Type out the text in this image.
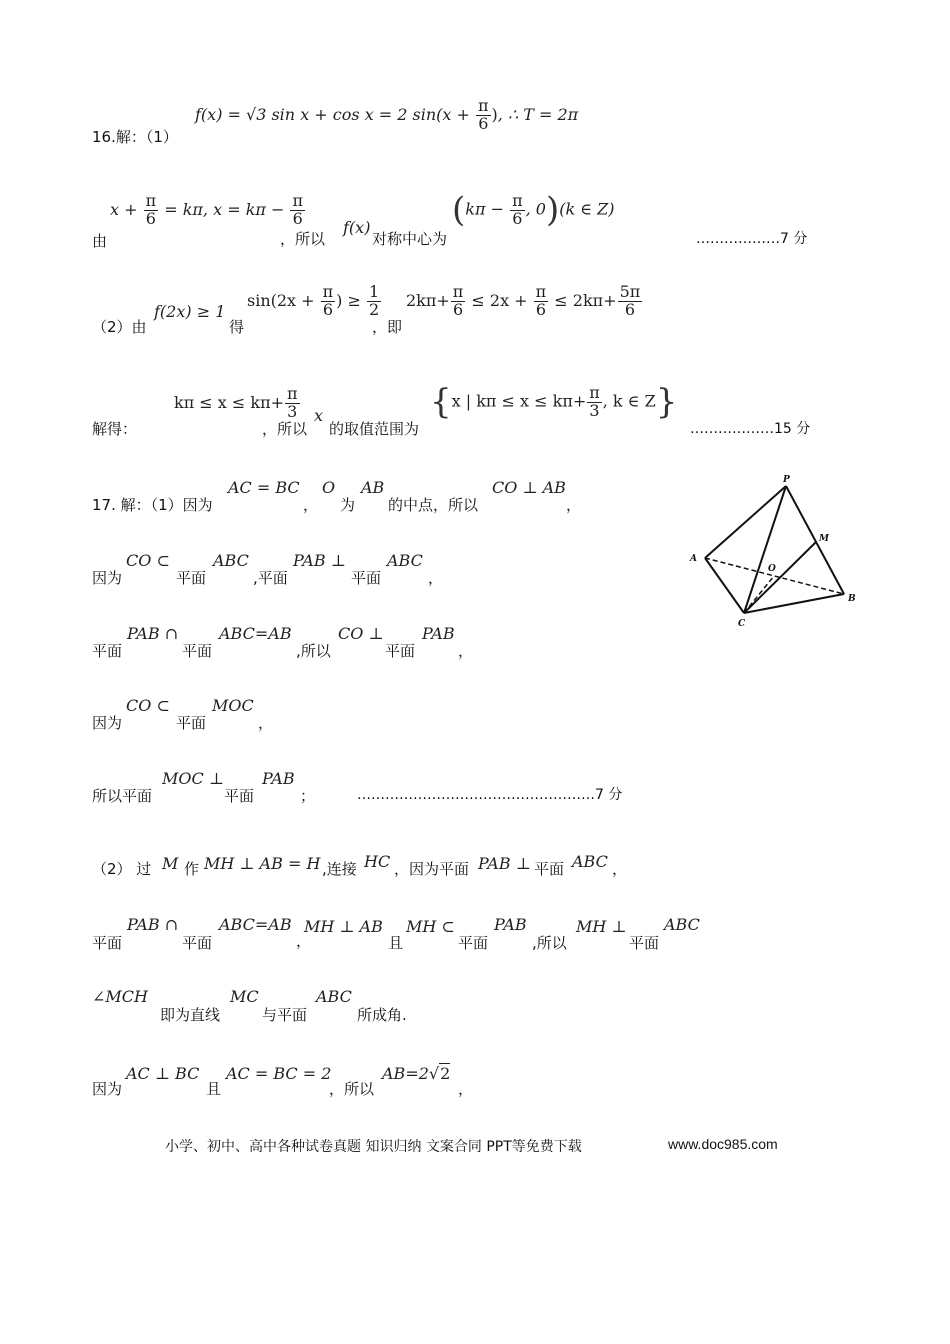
16.解：（1）
f(x) = √3 sin x + cos x = 2 $\sin(x + \frac{\pi}{6}$ ), ∴ T = 2π
由
$x + \frac{\pi}{6} = k\pi$, $x = k\pi - \frac{\pi}{6}$
，所以
f(x)
对称中心为
($k\pi - \frac{\pi}{6}$ , 0)(k ∈ Z)
………………7 分
（2）由
f(2x) ≥ 1
得
$\sin(2x + \frac{\pi}{6}$ ) ≥ $\frac{1}{2}$
，即
$2k\pi+ \frac{\pi}{6} \le 2x + \frac{\pi}{6} \le 2k\pi+ \frac{5\pi}{6}$
解得：
$k\pi \le x \le k\pi+ \frac{\pi}{3}$
，所以
x
的取值范围为
{x | $k\pi \le x \le k\pi+ \frac{\pi}{3}$ , k ∈ Z}
………………15 分
17. 解：（1）因为
AC = BC
，
O
为
AB
的中点，所以
CO ⊥ AB
，
因为
CO ⊂
平面
ABC
,平面
PAB ⊥
平面
ABC
，
平面
PAB ∩
平面
ABC=AB
,所以
CO ⊥
平面
PAB
，
因为
CO ⊂
平面
MOC
，
所以平面
MOC ⊥
平面
PAB
；	……………………………………………7 分
（2） 过 M 作 MH ⊥ AB = H ,连接 HC ，因为平面 PAB ⊥ 平面 ABC ，
平面
PAB ∩
平面
ABC=AB
，
MH ⊥ AB
且
MH ⊂
平面
PAB
,所以
MH ⊥
平面
ABC
∠MCH
即为直线
MC
与平面
ABC
所成角.
因为
AC ⊥ BC
且
AC = BC = 2
，所以
AB=2√2
，
P
A
B
C
M
O
小学、初中、高中各种试卷真题 知识归纳 文案合同 PPT等免费下载	www.doc985.com
